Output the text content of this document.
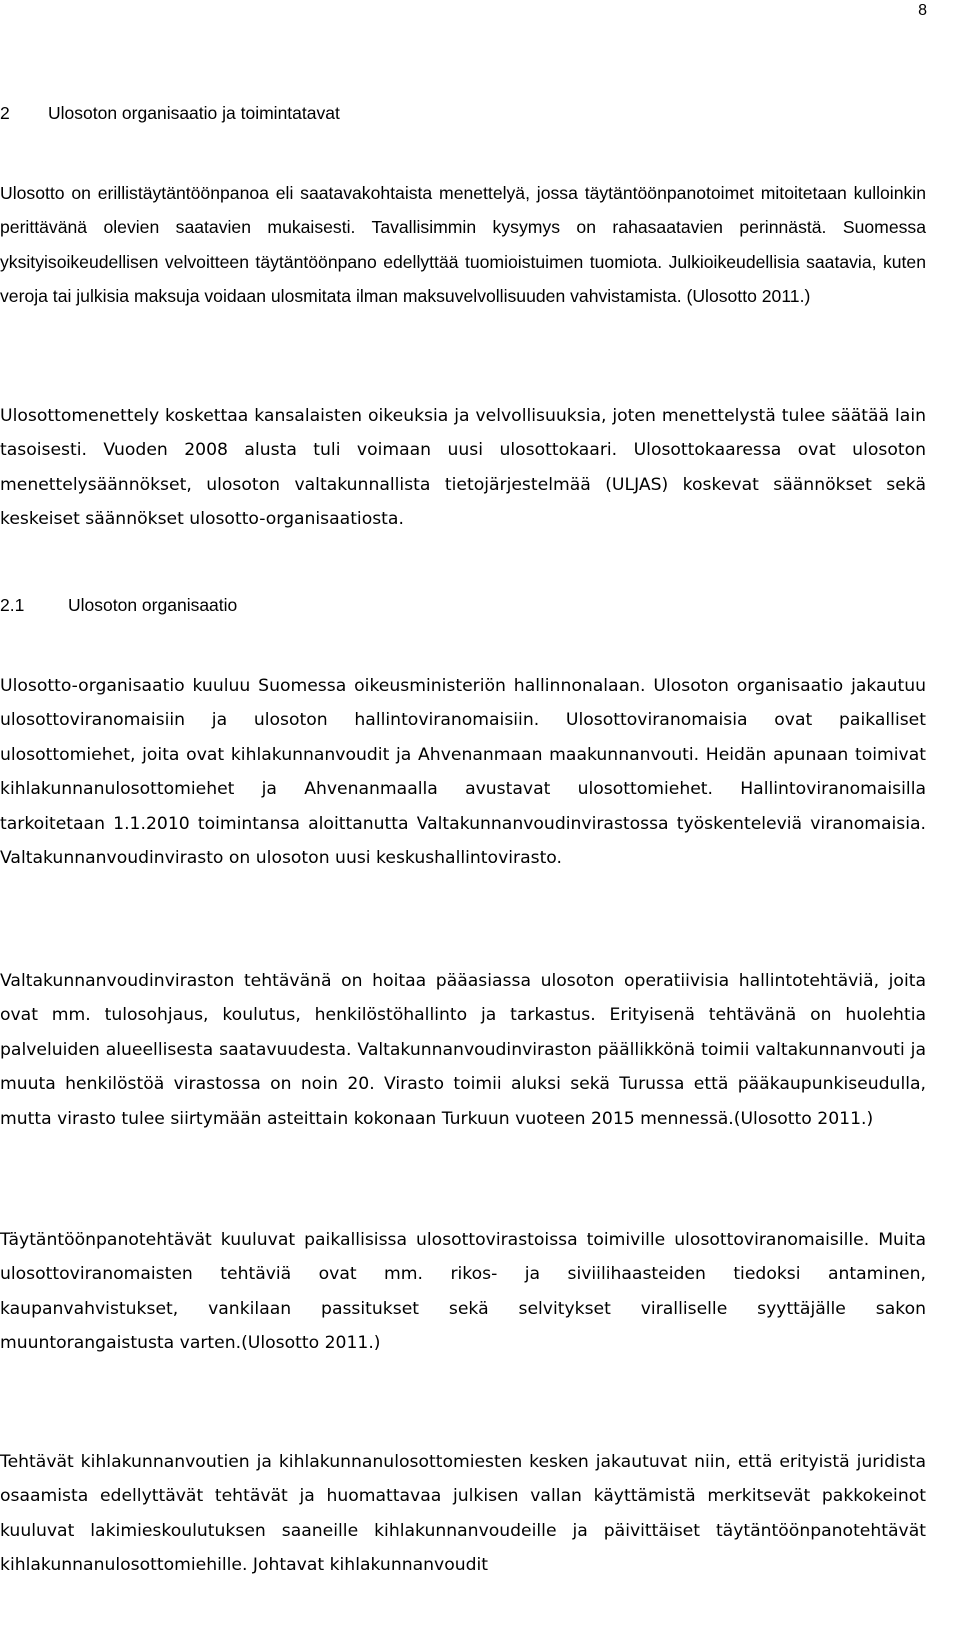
8
2 Ulosoton organisaatio ja toimintatavat

Ulosotto on erillistäytäntöönpanoa eli saatavakohtaista menettelyä, jossa täytäntöönpanotoimet mitoitetaan kulloinkin perittävänä olevien saatavien mukaisesti. Tavallisimmin kysymys on rahasaatavien perinnästä. Suomessa yksityisoikeudellisen velvoitteen täytäntöönpano edellyttää tuomioistuimen tuomiota. Julkioikeudellisia saatavia, kuten veroja tai julkisia maksuja voidaan ulosmitata ilman maksuvelvollisuuden vahvistamista. (Ulosotto 2011.)

Ulosottomenettely koskettaa kansalaisten oikeuksia ja velvollisuuksia, joten menettelystä tulee säätää lain tasoisesti. Vuoden 2008 alusta tuli voimaan uusi ulosottokaari. Ulosottokaaressa ovat ulosoton menettelysäännökset, ulosoton valtakunnallista tietojärjestelmää (ULJAS) koskevat säännökset sekä keskeiset säännökset ulosotto-organisaatiosta.

2.1 Ulosoton organisaatio

Ulosotto-organisaatio kuuluu Suomessa oikeusministeriön hallinnonalaan. Ulosoton organisaatio jakautuu ulosottoviranomaisiin ja ulosoton hallintoviranomaisiin. Ulosottoviranomaisia ovat paikalliset ulosottomiehet, joita ovat kihlakunnanvoudit ja Ahvenanmaan maakunnanvouti. Heidän apunaan toimivat kihlakunnanulosottomiehet ja Ahvenanmaalla avustavat ulosottomiehet. Hallintoviranomaisilla tarkoitetaan 1.1.2010 toimintansa aloittanutta Valtakunnanvoudinvirastossa työskenteleviä viranomaisia. Valtakunnanvoudinvirasto on ulosoton uusi keskushallintovirasto.

Valtakunnanvoudinviraston tehtävänä on hoitaa pääasiassa ulosoton operatiivisia hallintotehtäviä, joita ovat mm. tulosohjaus, koulutus, henkilöstöhallinto ja tarkastus. Erityisenä tehtävänä on huolehtia palveluiden alueellisesta saatavuudesta. Valtakunnanvoudinviraston päällikkönä toimii valtakunnanvouti ja muuta henkilöstöä virastossa on noin 20. Virasto toimii aluksi sekä Turussa että pääkaupunkiseudulla, mutta virasto tulee siirtymään asteittain kokonaan Turkuun vuoteen 2015 mennessä.(Ulosotto 2011.)

Täytäntöönpanotehtävät kuuluvat paikallisissa ulosottovirastoissa toimiville ulosottoviranomaisille. Muita ulosottoviranomaisten tehtäviä ovat mm. rikos- ja siviilihaasteiden tiedoksi antaminen, kaupanvahvistukset, vankilaan passitukset sekä selvitykset viralliselle syyttäjälle sakon muuntorangaistusta varten.(Ulosotto 2011.)

Tehtävät kihlakunnanvoutien ja kihlakunnanulosottomiesten kesken jakautuvat niin, että erityistä juridista osaamista edellyttävät tehtävät ja huomattavaa julkisen vallan käyttämistä merkitsevät pakkokeinot kuuluvat lakimieskoulutuksen saaneille kihlakunnanvoudeille ja päivittäiset täytäntöönpanotehtävät kihlakunnanulosottomiehille. Johtavat kihlakunnanvoudit
